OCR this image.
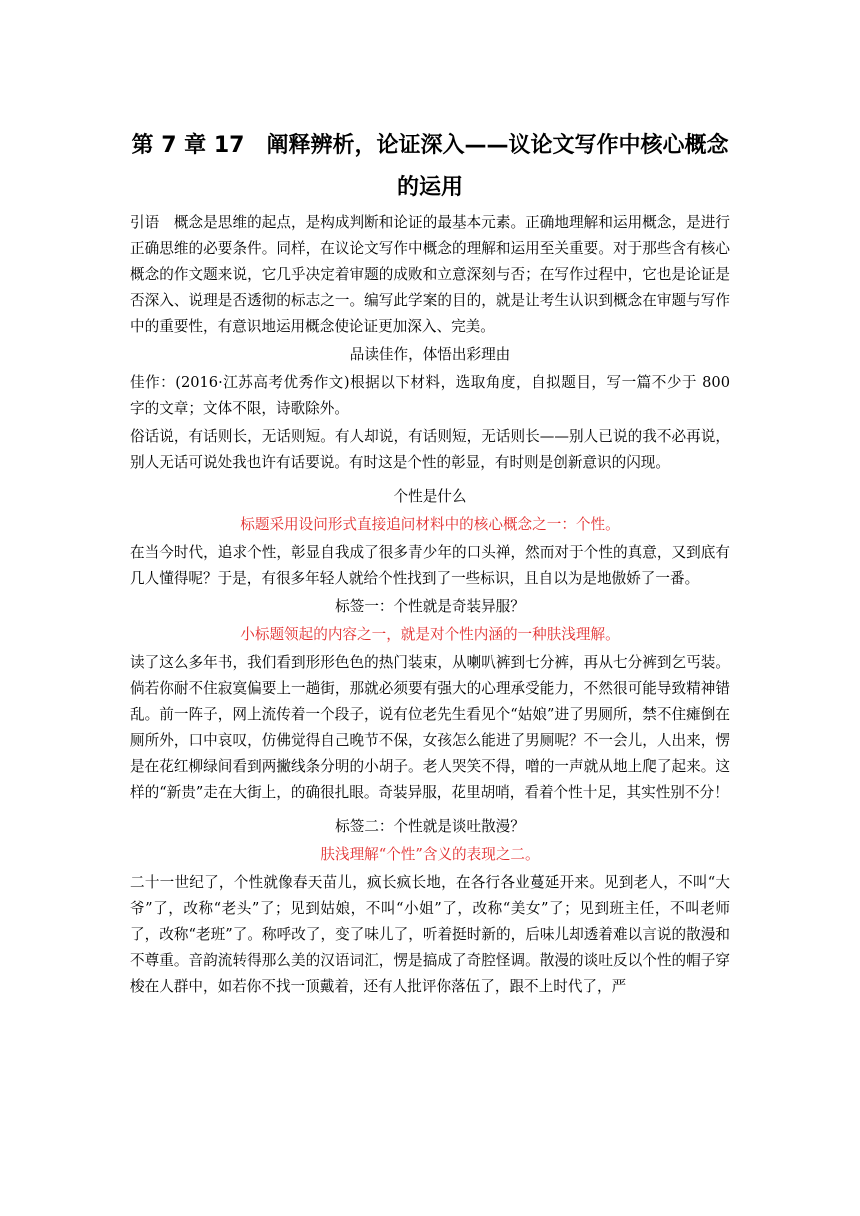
第 7 章 17　阐释辨析，论证深入——议论文写作中核心概念
的运用

引语　概念是思维的起点，是构成判断和论证的最基本元素。正确地理解和运用概念，是进行正确思维的必要条件。同样，在议论文写作中概念的理解和运用至关重要。对于那些含有核心概念的作文题来说，它几乎决定着审题的成败和立意深刻与否；在写作过程中，它也是论证是否深入、说理是否透彻的标志之一。编写此学案的目的，就是让考生认识到概念在审题与写作中的重要性，有意识地运用概念使论证更加深入、完美。

品读佳作，体悟出彩理由

佳作：(2016·江苏高考优秀作文)根据以下材料，选取角度，自拟题目，写一篇不少于 800 字的文章；文体不限，诗歌除外。

俗话说，有话则长，无话则短。有人却说，有话则短，无话则长——别人已说的我不必再说，别人无话可说处我也许有话要说。有时这是个性的彰显，有时则是创新意识的闪现。

个性是什么

标题采用设问形式直接追问材料中的核心概念之一：个性。

在当今时代，追求个性，彰显自我成了很多青少年的口头禅，然而对于个性的真意，又到底有几人懂得呢？于是，有很多年轻人就给个性找到了一些标识，且自以为是地傲娇了一番。

标签一：个性就是奇装异服？

小标题领起的内容之一，就是对个性内涵的一种肤浅理解。

读了这么多年书，我们看到形形色色的热门装束，从喇叭裤到七分裤，再从七分裤到乞丐装。倘若你耐不住寂寞偏要上一趟街，那就必须要有强大的心理承受能力，不然很可能导致精神错乱。前一阵子，网上流传着一个段子，说有位老先生看见个“姑娘”进了男厕所，禁不住瘫倒在厕所外，口中哀叹，仿佛觉得自己晚节不保，女孩怎么能进了男厕呢？不一会儿，人出来，愣是在花红柳绿间看到两撇线条分明的小胡子。老人哭笑不得，噌的一声就从地上爬了起来。这样的“新贵”走在大街上，的确很扎眼。奇装异服，花里胡哨，看着个性十足，其实性别不分！

标签二：个性就是谈吐散漫？

肤浅理解“个性”含义的表现之二。

二十一世纪了，个性就像春天苗儿，疯长疯长地，在各行各业蔓延开来。见到老人，不叫“大爷”了，改称“老头”了；见到姑娘，不叫“小姐”了，改称“美女”了；见到班主任，不叫老师了，改称“老班”了。称呼改了，变了味儿了，听着挺时新的，后味儿却透着难以言说的散漫和不尊重。音韵流转得那么美的汉语词汇，愣是搞成了奇腔怪调。散漫的谈吐反以个性的帽子穿梭在人群中，如若你不找一顶戴着，还有人批评你落伍了，跟不上时代了，严
